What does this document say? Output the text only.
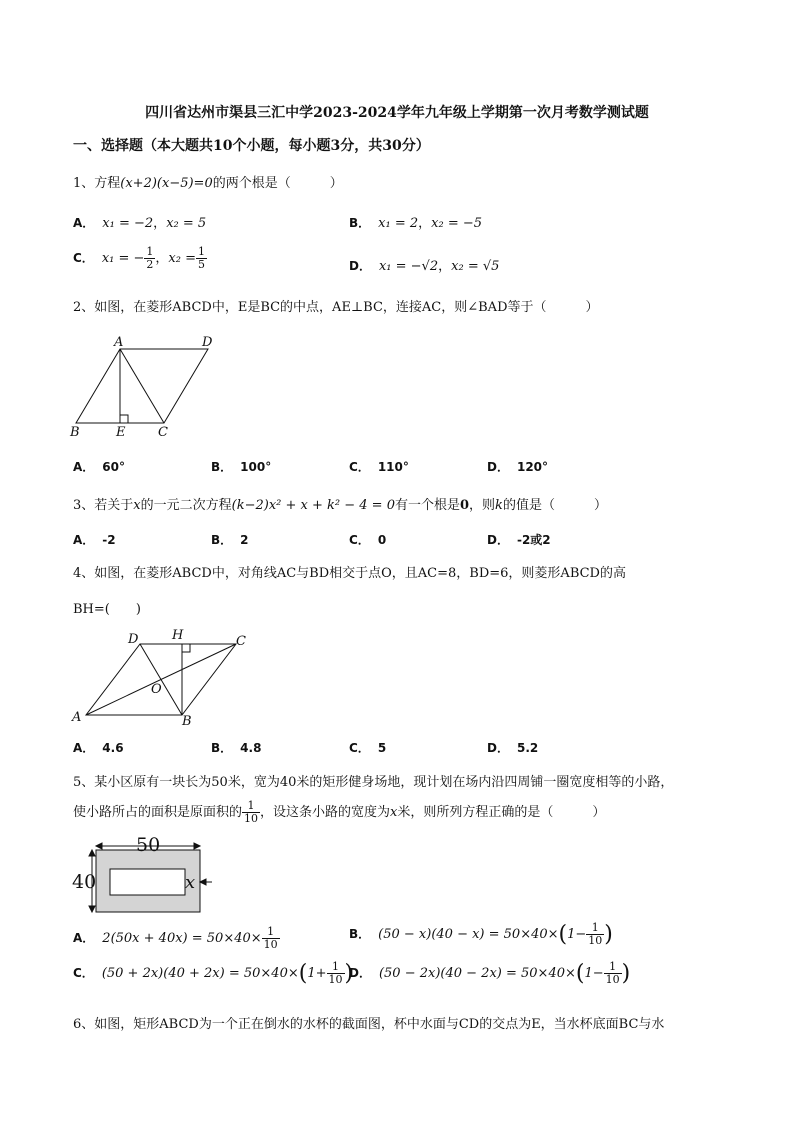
四川省达州市渠县三汇中学2023-2024学年九年级上学期第一次月考数学测试题
一、选择题（本大题共10个小题，每小题3分，共30分）
1、方程(x+2)(x−5)=0的两个根是（　　　）
A． x₁ = −2，x₂ = 5	B． x₁ = 2，x₂ = −5
C． x₁ = − $\frac{1}{2}$ ，$x_2 = \frac{1}{5}$	D． x₁ = −√2，x₂ = √5
2、如图，在菱形ABCD中，E是BC的中点，AE⊥BC，连接AC，则∠BAD等于（　　　）
A	D
B	E	C
A． 60°	B． 100°	C． 110°	D． 120°
3、若关于x的一元二次方程(k−2)x² + x + k² − 4 = 0有一个根是0，则k的值是（　　　）
A． -2	B． 2	C． 0	D． -2或2
4、如图，在菱形ABCD中，对角线AC与BD相交于点O，且AC=8，BD=6，则菱形ABCD的高
BH=(　　)
D	H	C
O
A	B
A． 4.6	B． 4.8	C． 5	D． 5.2
5、某小区原有一块长为50米，宽为40米的矩形健身场地，现计划在场内沿四周铺一圈宽度相等的小路，
使小路所占的面积是原面积的 $\frac{1}{10}$ ，设这条小路的宽度为x米，则所列方程正确的是（　　　）
50
40	x
A． $2(50x + 40x) = 50\times 40\times \frac{1}{10}$	B． $(50 - x)(40 - x) = 50\times 40\times(1- \frac{1}{10}$ )
C． $(50 + 2x)(40 + 2x) = 50\times 40\times(1+ \frac{1}{10}$ )
D． $(50 - 2x)(40 - 2x) = 50\times 40\times(1- \frac{1}{10}$ )
6、如图，矩形ABCD为一个正在倒水的水杯的截面图，杯中水面与CD的交点为E，当水杯底面BC与水
